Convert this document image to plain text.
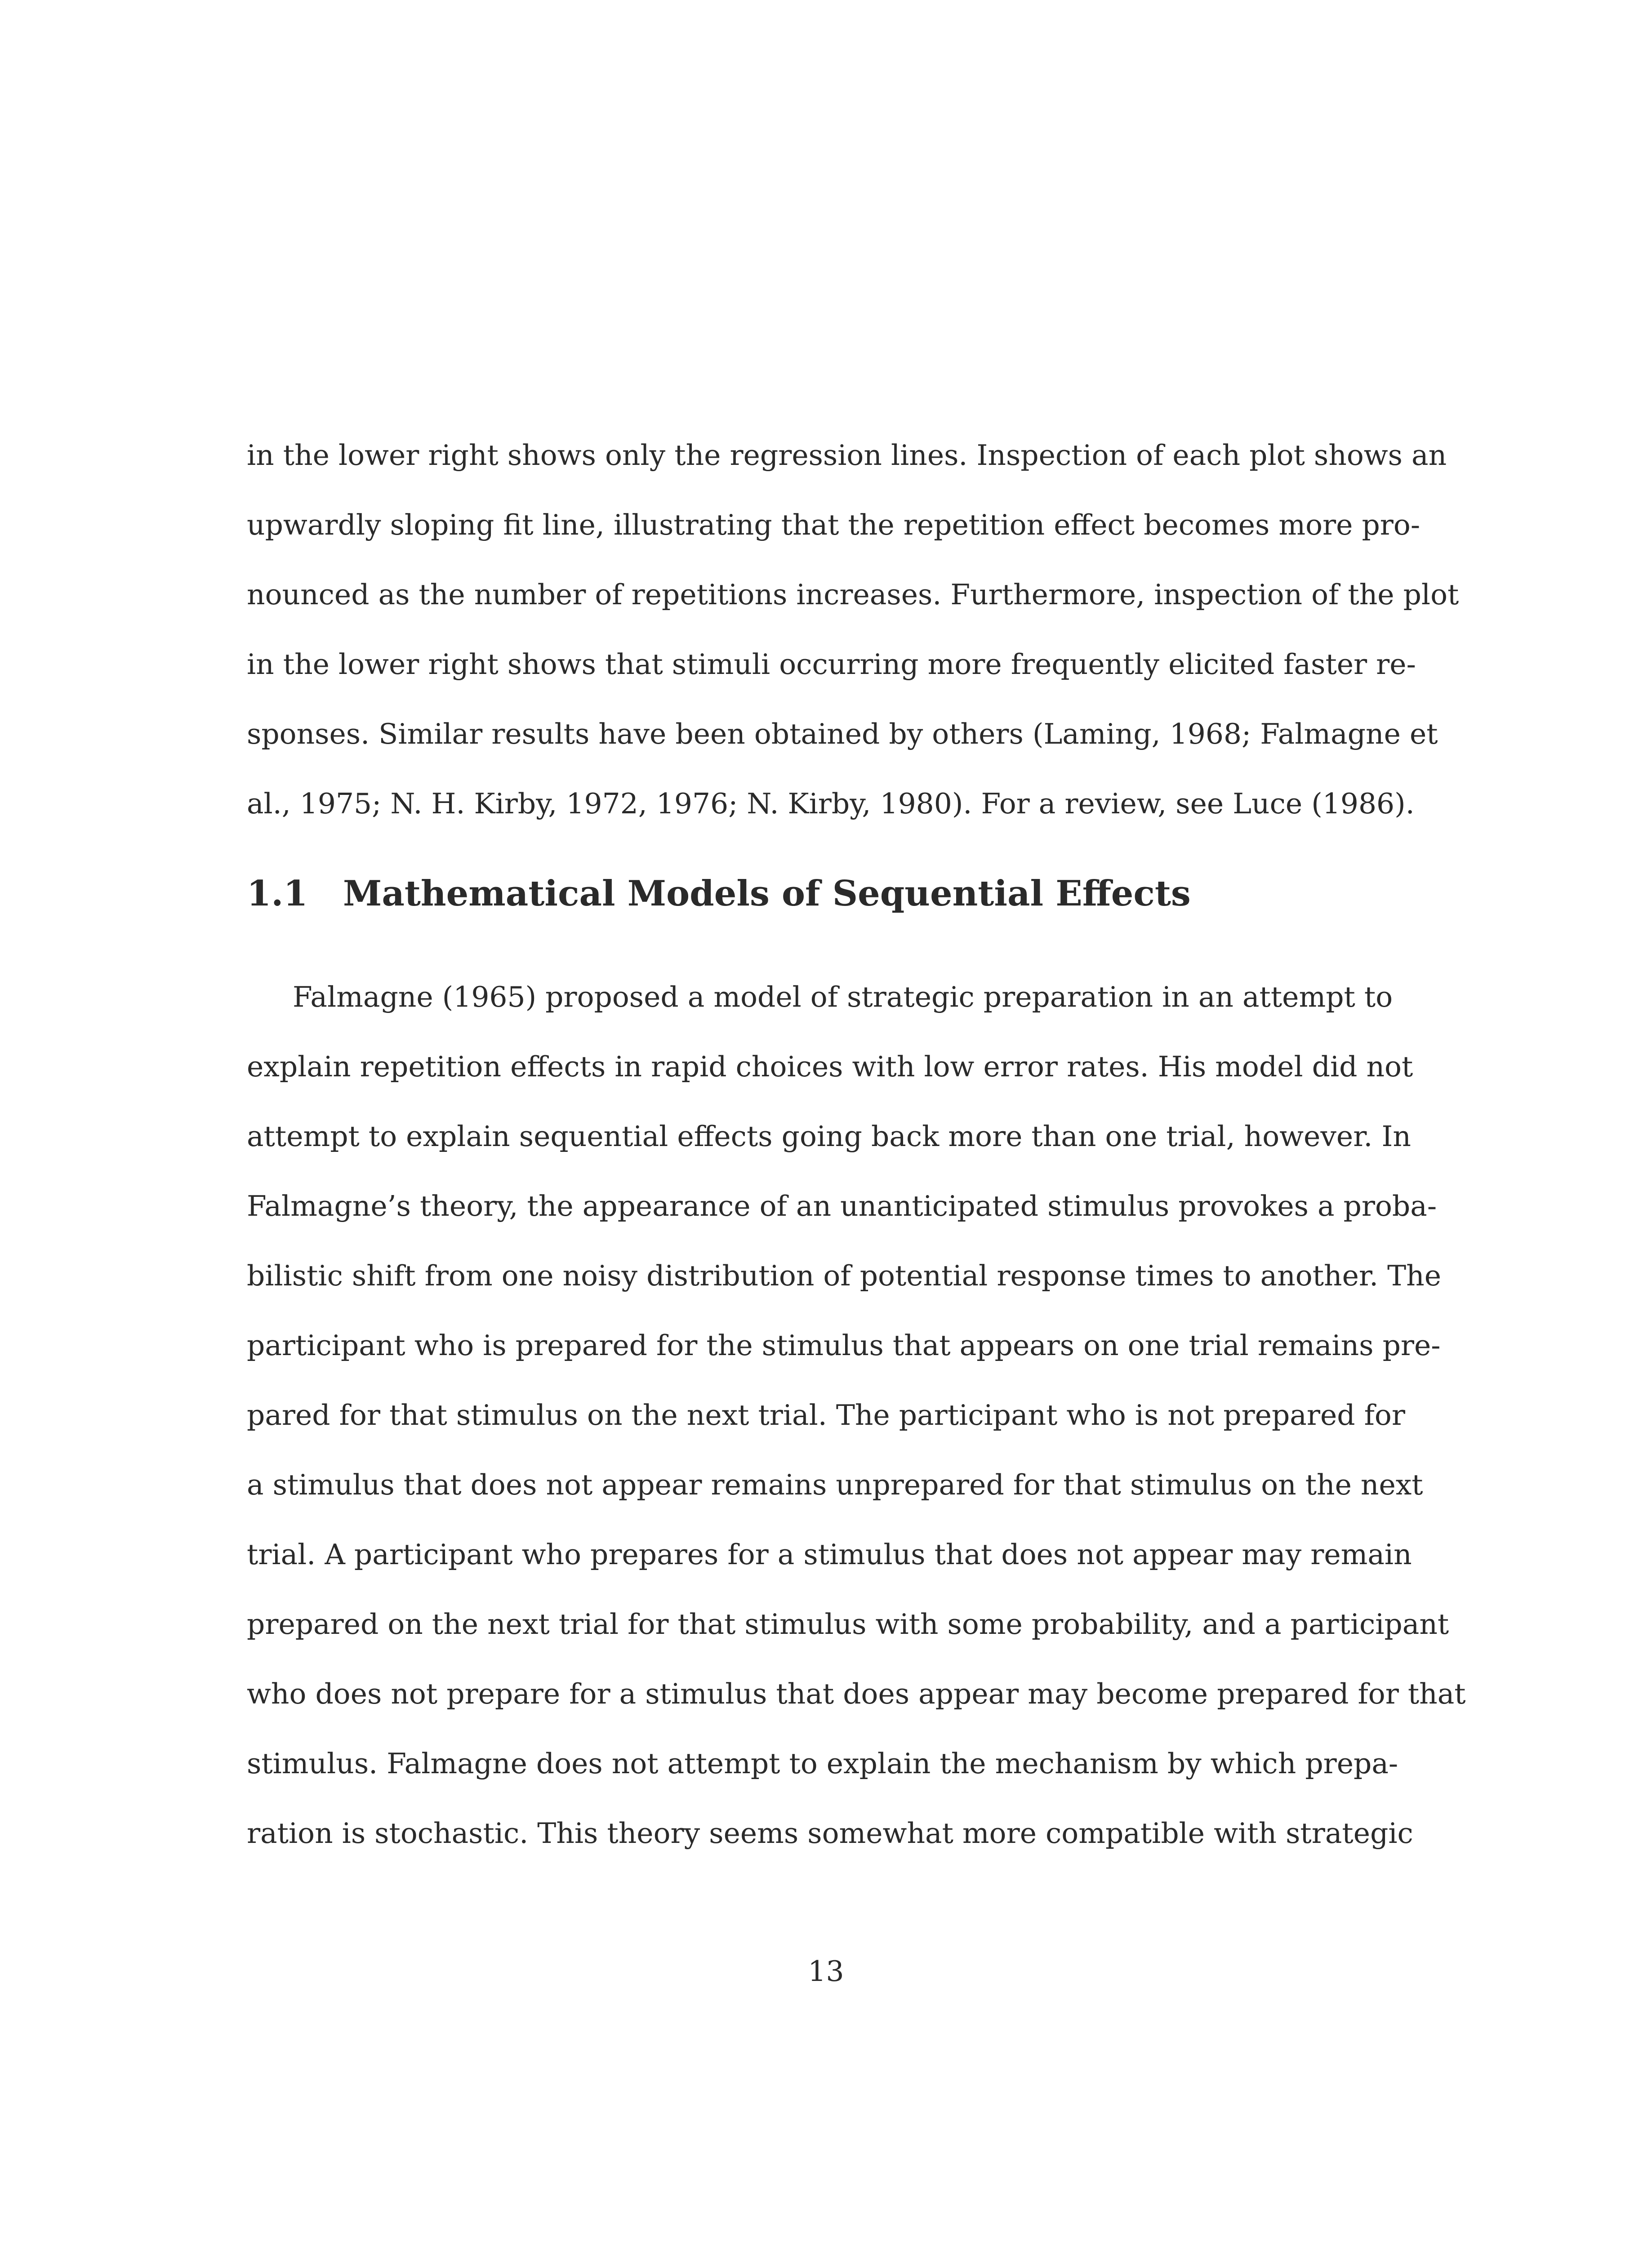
in the lower right shows only the regression lines. Inspection of each plot shows an
upwardly sloping fit line, illustrating that the repetition effect becomes more pro-
nounced as the number of repetitions increases. Furthermore, inspection of the plot
in the lower right shows that stimuli occurring more frequently elicited faster re-
sponses. Similar results have been obtained by others (Laming, 1968; Falmagne et
al., 1975; N. H. Kirby, 1972, 1976; N. Kirby, 1980). For a review, see Luce (1986).
1.1 Mathematical Models of Sequential Effects
Falmagne (1965) proposed a model of strategic preparation in an attempt to
explain repetition effects in rapid choices with low error rates. His model did not
attempt to explain sequential effects going back more than one trial, however. In
Falmagne’s theory, the appearance of an unanticipated stimulus provokes a proba-
bilistic shift from one noisy distribution of potential response times to another. The
participant who is prepared for the stimulus that appears on one trial remains pre-
pared for that stimulus on the next trial. The participant who is not prepared for
a stimulus that does not appear remains unprepared for that stimulus on the next
trial. A participant who prepares for a stimulus that does not appear may remain
prepared on the next trial for that stimulus with some probability, and a participant
who does not prepare for a stimulus that does appear may become prepared for that
stimulus. Falmagne does not attempt to explain the mechanism by which prepa-
ration is stochastic. This theory seems somewhat more compatible with strategic
13
